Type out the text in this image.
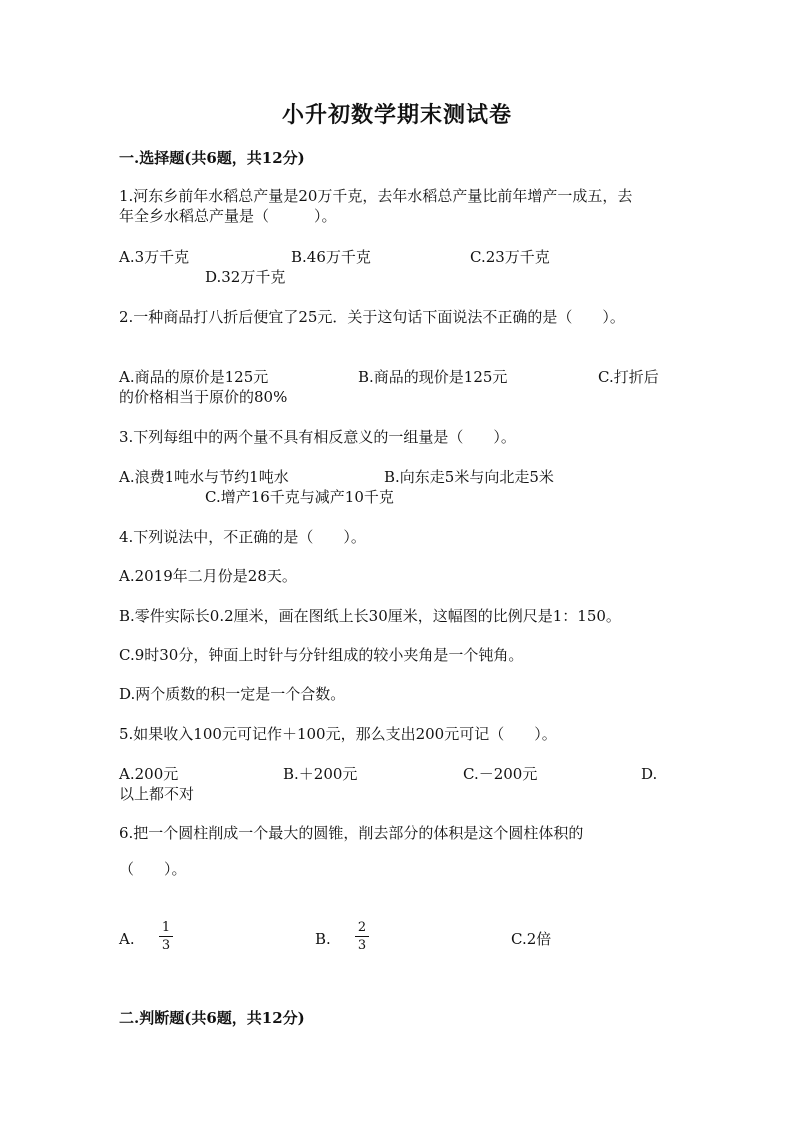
小升初数学期末测试卷
一.选择题(共6题，共12分)
1.河东乡前年水稻总产量是20万千克，去年水稻总产量比前年增产一成五，去
年全乡水稻总产量是（　　　）。
A.3万千克	B.46万千克	C.23万千克
D.32万千克
2.一种商品打八折后便宜了25元．关于这句话下面说法不正确的是（　　）。
A.商品的原价是125元	B.商品的现价是125元	C.打折后
的价格相当于原价的80%
3.下列每组中的两个量不具有相反意义的一组量是（　　）。
A.浪费1吨水与节约1吨水	B.向东走5米与向北走5米
C.增产16千克与减产10千克
4.下列说法中，不正确的是（　　）。
A.2019年二月份是28天。
B.零件实际长0.2厘米，画在图纸上长30厘米，这幅图的比例尺是1：150。
C.9时30分，钟面上时针与分针组成的较小夹角是一个钝角。
D.两个质数的积一定是一个合数。
5.如果收入100元可记作＋100元，那么支出200元可记（　　）。
A.200元	B.＋200元	C.－200元	D.
以上都不对
6.把一个圆柱削成一个最大的圆锥，削去部分的体积是这个圆柱体积的
（　　）。
A.
1
3	B.
2
3	C.2倍
二.判断题(共6题，共12分)
